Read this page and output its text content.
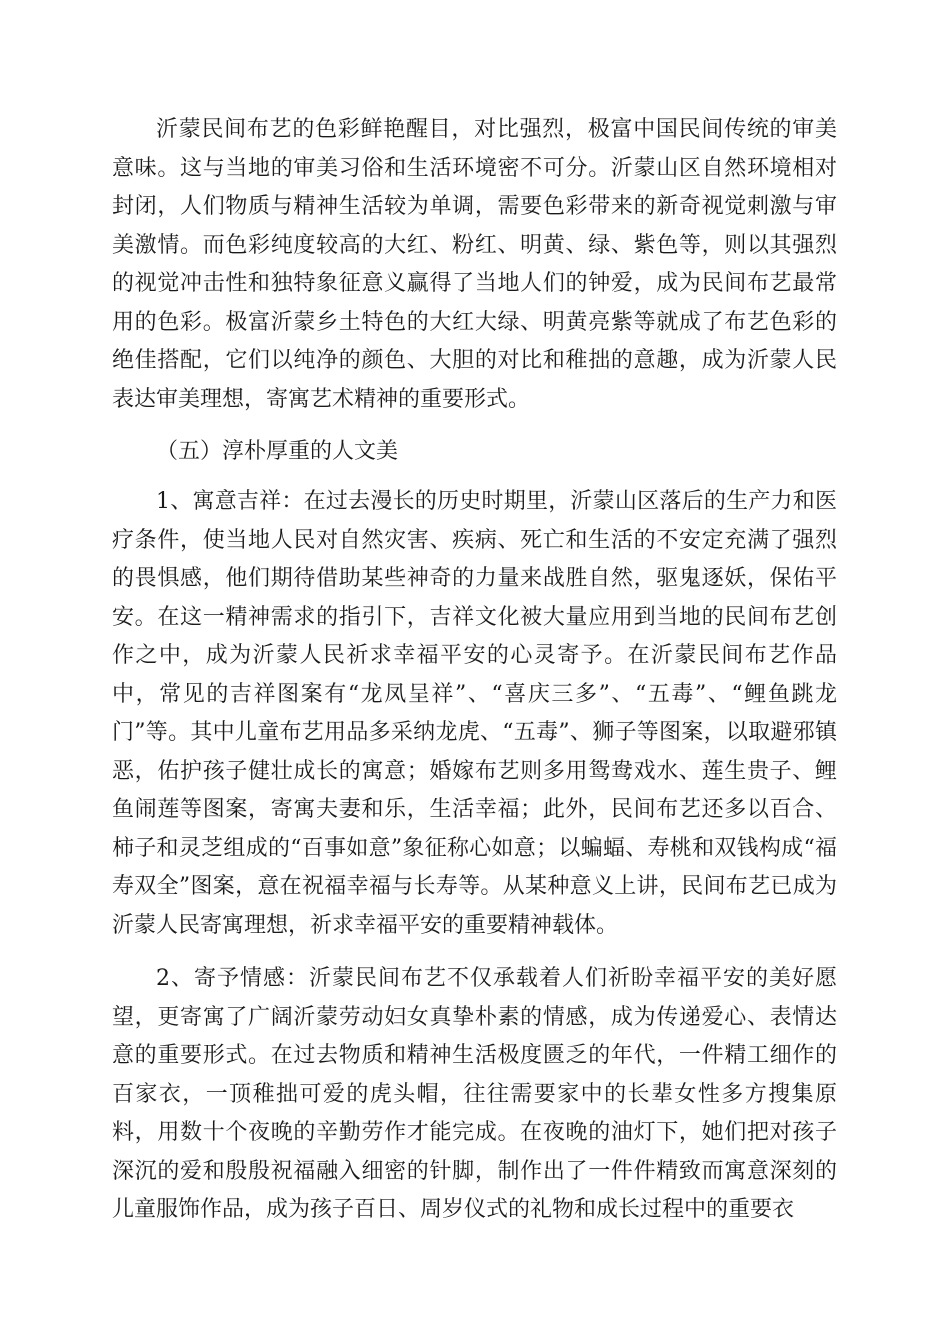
沂蒙民间布艺的色彩鲜艳醒目，对比强烈，极富中国民间传统的审美意味。这与当地的审美习俗和生活环境密不可分。沂蒙山区自然环境相对封闭，人们物质与精神生活较为单调，需要色彩带来的新奇视觉刺激与审美激情。而色彩纯度较高的大红、粉红、明黄、绿、紫色等，则以其强烈的视觉冲击性和独特象征意义赢得了当地人们的钟爱，成为民间布艺最常用的色彩。极富沂蒙乡土特色的大红大绿、明黄亮紫等就成了布艺色彩的绝佳搭配，它们以纯净的颜色、大胆的对比和稚拙的意趣，成为沂蒙人民表达审美理想，寄寓艺术精神的重要形式。

（五）淳朴厚重的人文美

1、寓意吉祥：在过去漫长的历史时期里，沂蒙山区落后的生产力和医疗条件，使当地人民对自然灾害、疾病、死亡和生活的不安定充满了强烈的畏惧感，他们期待借助某些神奇的力量来战胜自然，驱鬼逐妖，保佑平安。在这一精神需求的指引下，吉祥文化被大量应用到当地的民间布艺创作之中，成为沂蒙人民祈求幸福平安的心灵寄予。在沂蒙民间布艺作品中，常见的吉祥图案有“龙凤呈祥”、“喜庆三多”、“五毒”、“鲤鱼跳龙门”等。其中儿童布艺用品多采纳龙虎、“五毒”、狮子等图案，以取避邪镇恶，佑护孩子健壮成长的寓意；婚嫁布艺则多用鸳鸯戏水、莲生贵子、鲤鱼闹莲等图案，寄寓夫妻和乐，生活幸福；此外，民间布艺还多以百合、柿子和灵芝组成的“百事如意”象征称心如意；以蝙蝠、寿桃和双钱构成“福寿双全”图案，意在祝福幸福与长寿等。从某种意义上讲，民间布艺已成为沂蒙人民寄寓理想，祈求幸福平安的重要精神载体。

2、寄予情感：沂蒙民间布艺不仅承载着人们祈盼幸福平安的美好愿望，更寄寓了广阔沂蒙劳动妇女真挚朴素的情感，成为传递爱心、表情达意的重要形式。在过去物质和精神生活极度匮乏的年代，一件精工细作的百家衣，一顶稚拙可爱的虎头帽，往往需要家中的长辈女性多方搜集原料，用数十个夜晚的辛勤劳作才能完成。在夜晚的油灯下，她们把对孩子深沉的爱和殷殷祝福融入细密的针脚，制作出了一件件精致而寓意深刻的儿童服饰作品，成为孩子百日、周岁仪式的礼物和成长过程中的重要衣
